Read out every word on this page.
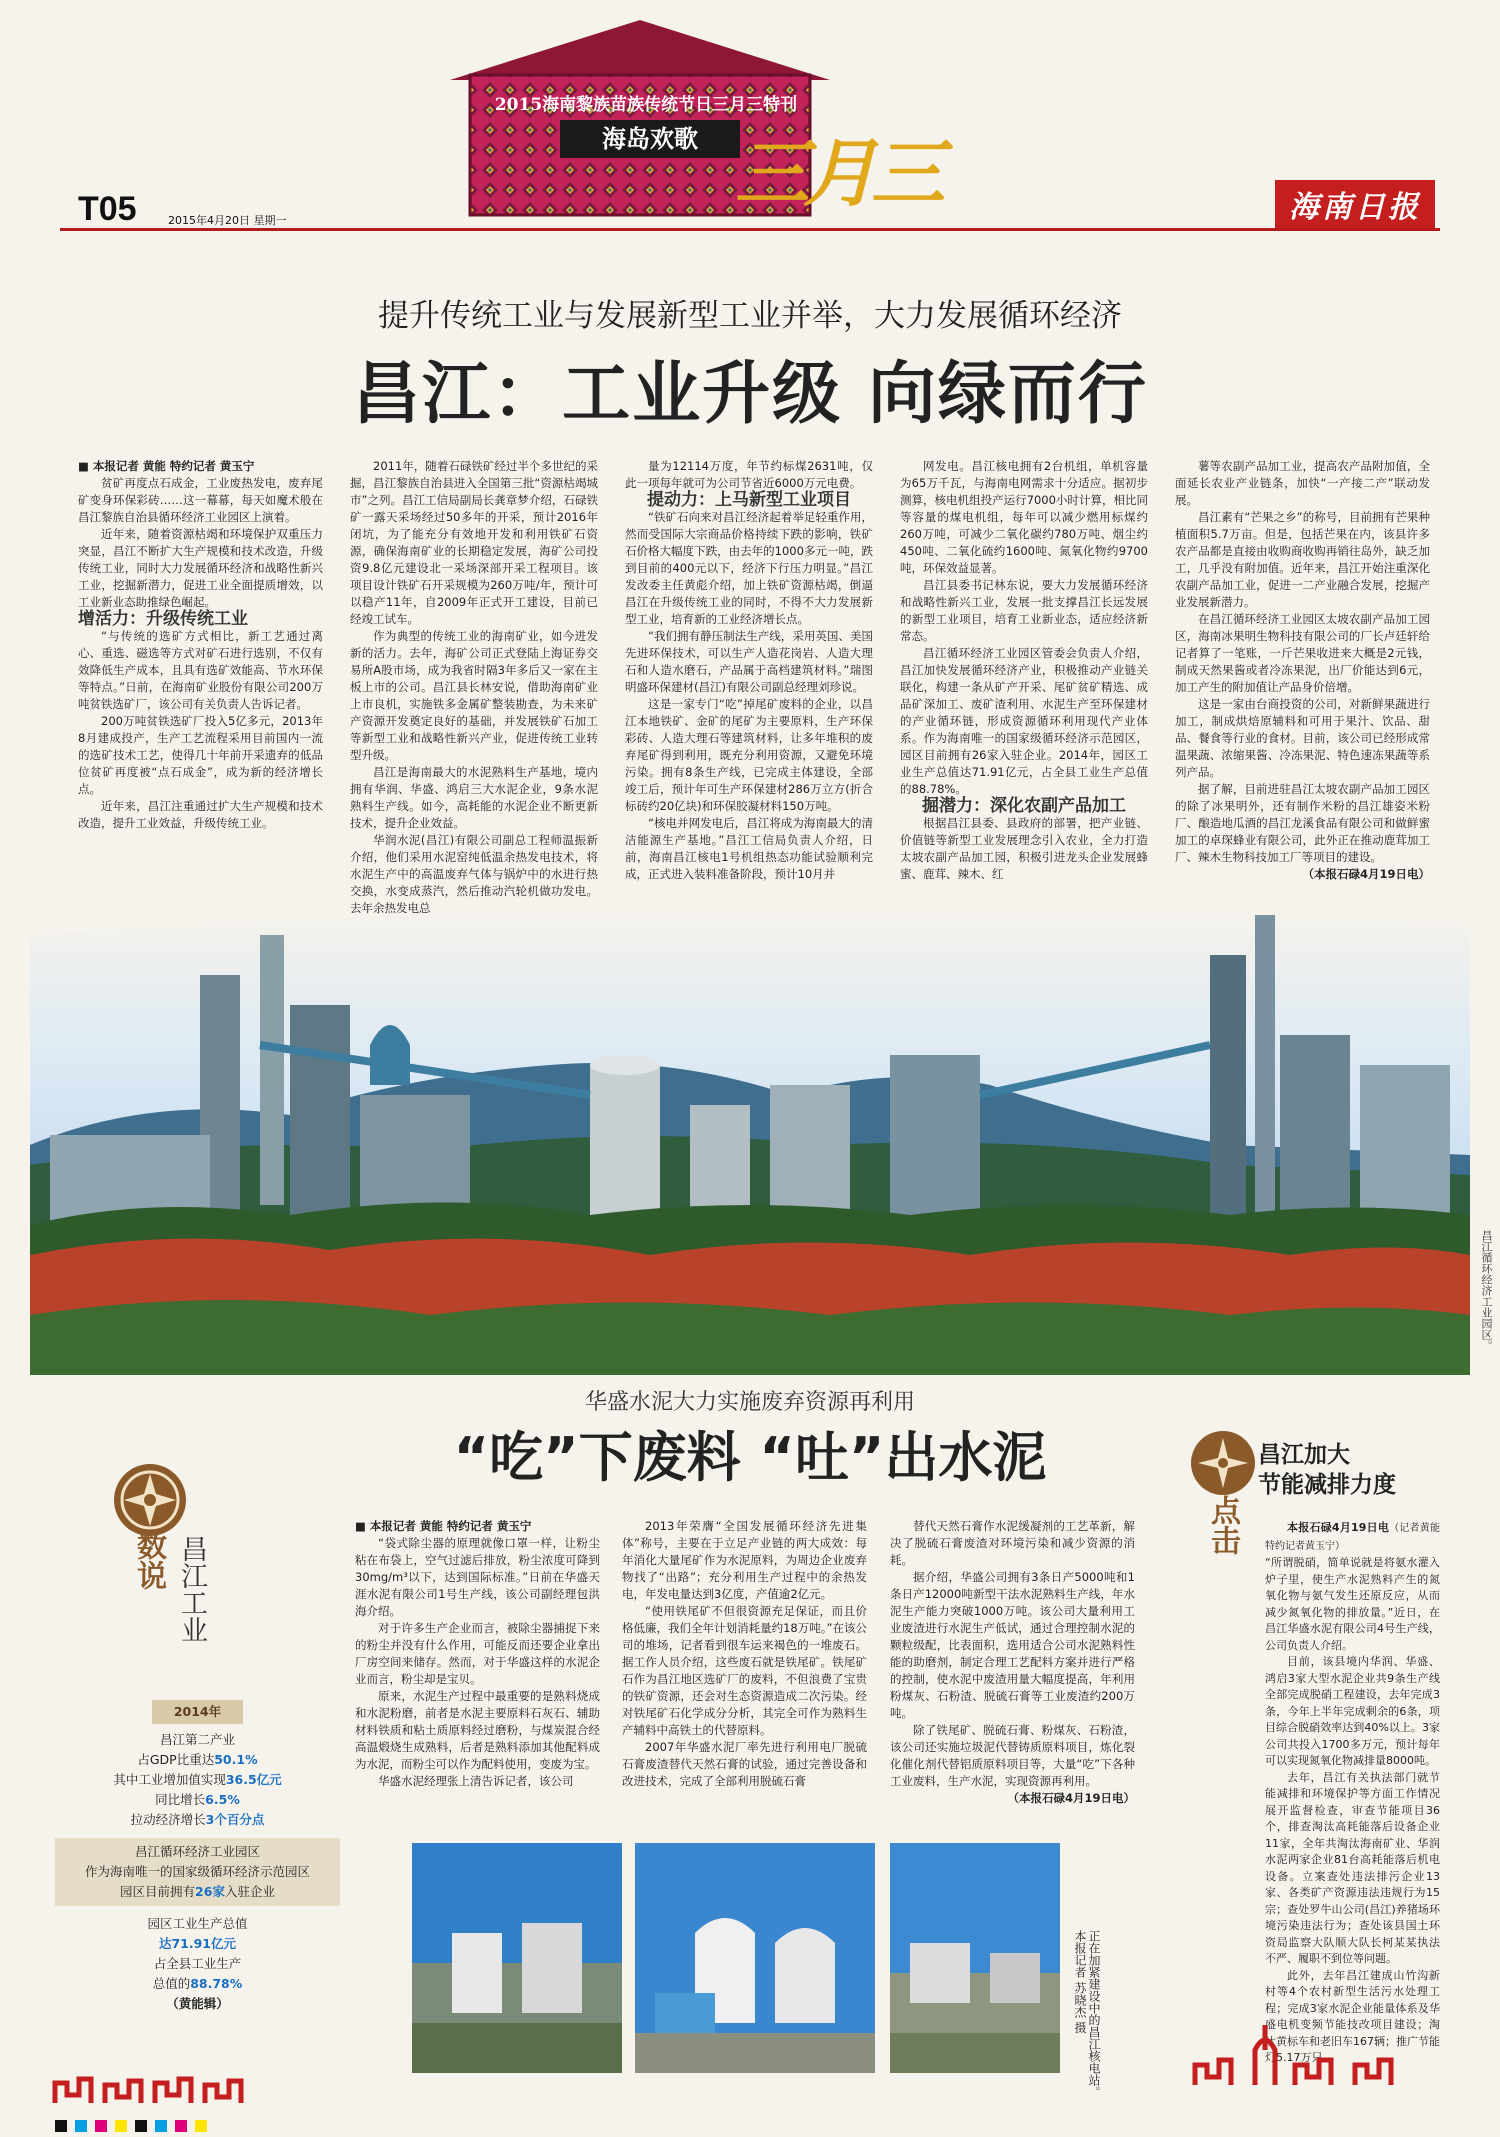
2015海南黎族苗族传统节日三月三特刊
海岛欢歌 三月三
T05	2015年4月20日 星期一	海南日报
提升传统工业与发展新型工业并举，大力发展循环经济
昌江：工业升级 向绿而行

■ 本报记者 黄能 特约记者 黄玉宁

贫矿再度点石成金，工业废热发电，废弃尾矿变身环保彩砖……这一幕幕，每天如魔术般在昌江黎族自治县循环经济工业园区上演着。

近年来，随着资源枯竭和环境保护双重压力突显，昌江不断扩大生产规模和技术改造，升级传统工业，同时大力发展循环经济和战略性新兴工业，挖掘新潜力，促进工业全面提质增效，以工业新业态助推绿色崛起。

增活力：升级传统工业

“与传统的选矿方式相比，新工艺通过离心、重选、磁选等方式对矿石进行选别，不仅有效降低生产成本，且具有选矿效能高、节水环保等特点。”日前，在海南矿业股份有限公司200万吨贫铁选矿厂，该公司有关负责人告诉记者。

200万吨贫铁选矿厂投入5亿多元，2013年8月建成投产，生产工艺流程采用目前国内一流的选矿技术工艺，使得几十年前开采遗弃的低品位贫矿再度被“点石成金”，成为新的经济增长点。

近年来，昌江注重通过扩大生产规模和技术改造，提升工业效益，升级传统工业。

2011年，随着石碌铁矿经过半个多世纪的采掘，昌江黎族自治县进入全国第三批“资源枯竭城市”之列。昌江工信局副局长龚章梦介绍，石碌铁矿一露天采场经过50多年的开采，预计2016年闭坑，为了能充分有效地开发和利用铁矿石资源，确保海南矿业的长期稳定发展，海矿公司投资9.8亿元建设北一采场深部开采工程项目。该项目设计铁矿石开采规模为260万吨/年，预计可以稳产11年，自2009年正式开工建设，目前已经竣工试车。

作为典型的传统工业的海南矿业，如今进发新的活力。去年，海矿公司正式登陆上海证券交易所A股市场，成为我省时隔3年多后又一家在主板上市的公司。昌江县长林安说，借助海南矿业上市良机，实施铁多金属矿整装勘查，为未来矿产资源开发奠定良好的基础，并发展铁矿石加工等新型工业和战略性新兴产业，促进传统工业转型升级。

昌江是海南最大的水泥熟料生产基地，境内拥有华润、华盛、鸿启三大水泥企业，9条水泥熟料生产线。如今，高耗能的水泥企业不断更新技术，提升企业效益。

华润水泥(昌江)有限公司副总工程师温振新介绍，他们采用水泥窑纯低温余热发电技术，将水泥生产中的高温废弃气体与锅炉中的水进行热交换，水变成蒸汽，然后推动汽轮机做功发电。去年余热发电总

量为12114万度，年节约标煤2631吨，仅此一项每年就可为公司节省近6000万元电费。

提动力：上马新型工业项目

“铁矿石向来对昌江经济起着举足轻重作用，然而受国际大宗商品价格持续下跌的影响，铁矿石价格大幅度下跌，由去年的1000多元一吨，跌到目前的400元以下，经济下行压力明显。”昌江发改委主任黄彪介绍，加上铁矿资源枯竭，倒逼昌江在升级传统工业的同时，不得不大力发展新型工业，培育新的工业经济增长点。

“我们拥有静压制法生产线，采用英国、美国先进环保技术，可以生产人造花岗岩、人造大理石和人造水磨石，产品属于高档建筑材料。”瑞图明盛环保建材(昌江)有限公司副总经理刘珍说。

这是一家专门“吃”掉尾矿废料的企业，以昌江本地铁矿、金矿的尾矿为主要原料，生产环保彩砖、人造大理石等建筑材料，让多年堆积的废弃尾矿得到利用，既充分利用资源，又避免环境污染。拥有8条生产线，已完成主体建设，全部竣工后，预计年可生产环保建材286万立方(折合标砖约20亿块)和环保胶凝材料150万吨。

“核电并网发电后，昌江将成为海南最大的清洁能源生产基地。”昌江工信局负责人介绍，日前，海南昌江核电1号机组热态功能试验顺利完成，正式进入装料准备阶段，预计10月并

网发电。昌江核电拥有2台机组，单机容量为65万千瓦，与海南电网需求十分适应。据初步测算，核电机组投产运行7000小时计算，相比同等容量的煤电机组，每年可以减少燃用标煤约260万吨，可减少二氧化碳约780万吨、烟尘约450吨、二氧化硫约1600吨、氮氧化物约9700吨，环保效益显著。

昌江县委书记林东说，要大力发展循环经济和战略性新兴工业，发展一批支撑昌江长远发展的新型工业项目，培育工业新业态，适应经济新常态。

昌江循环经济工业园区管委会负责人介绍，昌江加快发展循环经济产业，积极推动产业链关联化，构建一条从矿产开采、尾矿贫矿精选、成品矿深加工、废矿渣利用、水泥生产至环保建材的产业循环链，形成资源循环利用现代产业体系。作为海南唯一的国家级循环经济示范园区，园区目前拥有26家入驻企业。2014年，园区工业生产总值达71.91亿元，占全县工业生产总值的88.78%。

掘潜力：深化农副产品加工

根据昌江县委、县政府的部署，把产业链、价值链等新型工业发展理念引入农业，全力打造太坡农副产品加工园，积极引进龙头企业发展蜂蜜、鹿茸、辣木、红

薯等农副产品加工业，提高农产品附加值，全面延长农业产业链条，加快“一产接二产”联动发展。

昌江素有“芒果之乡”的称号，目前拥有芒果种植面积5.7万亩。但是，包括芒果在内，该县许多农产品都是直接由收购商收购再销往岛外，缺乏加工，几乎没有附加值。近年来，昌江开始注重深化农副产品加工业，促进一二产业融合发展，挖掘产业发展新潜力。

在昌江循环经济工业园区太坡农副产品加工园区，海南冰果明生物科技有限公司的厂长卢廷轩给记者算了一笔账，一斤芒果收进来大概是2元钱，制成天然果酱或者冷冻果泥，出厂价能达到6元，加工产生的附加值让产品身价倍增。

这是一家由台商投资的公司，对新鲜果蔬进行加工，制成烘焙原辅料和可用于果汁、饮品、甜品、餐食等行业的食材。目前，该公司已经形成常温果蔬、浓缩果酱、冷冻果泥、特色速冻果蔬等系列产品。

据了解，目前进驻昌江太坡农副产品加工园区的除了冰果明外，还有制作米粉的昌江雄姿米粉厂、酿造地瓜酒的昌江龙溪食品有限公司和做鲜蜜加工的卓琛蜂业有限公司，此外正在推动鹿茸加工厂、辣木生物科技加工厂等项目的建设。

（本报石碌4月19日电）

昌江循环经济工业园区。
华盛水泥大力实施废弃资源再利用
“吃”下废料 “吐”出水泥
数说 昌江工业
2014年
昌江第二产业
占GDP比重达50.1%
其中工业增加值实现36.5亿元
同比增长6.5%
拉动经济增长3个百分点
昌江循环经济工业园区
作为海南唯一的国家级循环经济示范园区
园区目前拥有26家入驻企业
园区工业生产总值
达71.91亿元
占全县工业生产
总值的88.78%
（黄能辑）

■ 本报记者 黄能 特约记者 黄玉宁

“袋式除尘器的原理就像口罩一样，让粉尘粘在布袋上，空气过滤后排放，粉尘浓度可降到30mg/m³以下，达到国际标准。”日前在华盛天涯水泥有限公司1号生产线，该公司副经理包洪海介绍。

对于许多生产企业而言，被除尘器捕捉下来的粉尘并没有什么作用，可能反而还要企业拿出厂房空间来储存。然而，对于华盛这样的水泥企业而言，粉尘却是宝贝。

原来，水泥生产过程中最重要的是熟料烧成和水泥粉磨，前者是水泥主要原料石灰石、辅助材料铁质和粘土质原料经过磨粉，与煤炭混合经高温煅烧生成熟料，后者是熟料添加其他配料成为水泥，而粉尘可以作为配料使用，变废为宝。

华盛水泥经理张上清告诉记者，该公司

2013年荣膺“全国发展循环经济先进集体”称号，主要在于立足产业链的两大成效：每年消化大量尾矿作为水泥原料，为周边企业废弃物找了“出路”；充分利用生产过程中的余热发电，年发电量达到3亿度，产值逾2亿元。

“使用铁尾矿不但很资源充足保证，而且价格低廉，我们全年计划消耗量约18万吨。”在该公司的堆场，记者看到很车运来褐色的一堆废石。据工作人员介绍，这些废石就是铁尾矿。铁尾矿石作为昌江地区选矿厂的废料，不但浪费了宝贵的铁矿资源，还会对生态资源造成二次污染。经对铁尾矿石化学成分分析，其完全可作为熟料生产辅料中高铁土的代替原料。

2007年华盛水泥厂率先进行利用电厂脱硫石膏废渣替代天然石膏的试验，通过完善设备和改进技术，完成了全部利用脱硫石膏

替代天然石膏作水泥缓凝剂的工艺革新，解决了脱硫石膏废渣对环境污染和减少资源的消耗。

据介绍，华盛公司拥有3条日产5000吨和1条日产12000吨新型干法水泥熟料生产线，年水泥生产能力突破1000万吨。该公司大量利用工业废渣进行水泥生产低试，通过合理控制水泥的颗粒级配，比表面积，选用适合公司水泥熟料性能的助磨剂，制定合理工艺配料方案并进行严格的控制，使水泥中废渣用量大幅度提高，年利用粉煤灰、石粉渣、脱硫石膏等工业废渣约200万吨。

除了铁尾矿、脱硫石膏、粉煤灰、石粉渣，该公司还实施垃圾泥代替铸质原料项目，炼化裂化催化剂代替铝质原料项目等，大量“吃”下各种工业废料，生产水泥，实现资源再利用。

（本报石碌4月19日电）

点击
昌江加大
节能减排力度

本报石碌4月19日电（记者黄能 特约记者黄玉宁）

“所谓脱硝，简单说就是将氨水灌入炉子里，使生产水泥熟料产生的氮氧化物与氨气发生还原反应，从而减少氮氧化物的排放量。”近日，在昌江华盛水泥有限公司4号生产线，公司负责人介绍。

目前，该县境内华润、华盛、鸿启3家大型水泥企业共9条生产线全部完成脱硝工程建设，去年完成3条，今年上半年完成剩余的6条，项目综合脱硝效率达到40%以上。3家公司共投入1700多万元，预计每年可以实现氮氧化物减排量8000吨。

去年，昌江有关执法部门就节能减排和环境保护等方面工作情况展开监督检查，审查节能项目36个，排查淘汰高耗能落后设备企业11家，全年共淘汰海南矿业、华润水泥两家企业81台高耗能落后机电设备。立案查处违法排污企业13家、各类矿产资源违法违规行为15宗；查处罗牛山公司(昌江)养猪场环境污染违法行为；查处该县国土环资局监察大队顺大队长柯某某执法不严、履职不到位等问题。

此外，去年昌江建成山竹沟新村等4个农村新型生活污水处理工程；完成3家水泥企业能量体系及华盛电机变频节能技改项目建设；淘汰黄标车和老旧车167辆；推广节能灯5.17万只。

正在加紧建设中的昌江核电站。
本报记者 苏晓杰 摄
